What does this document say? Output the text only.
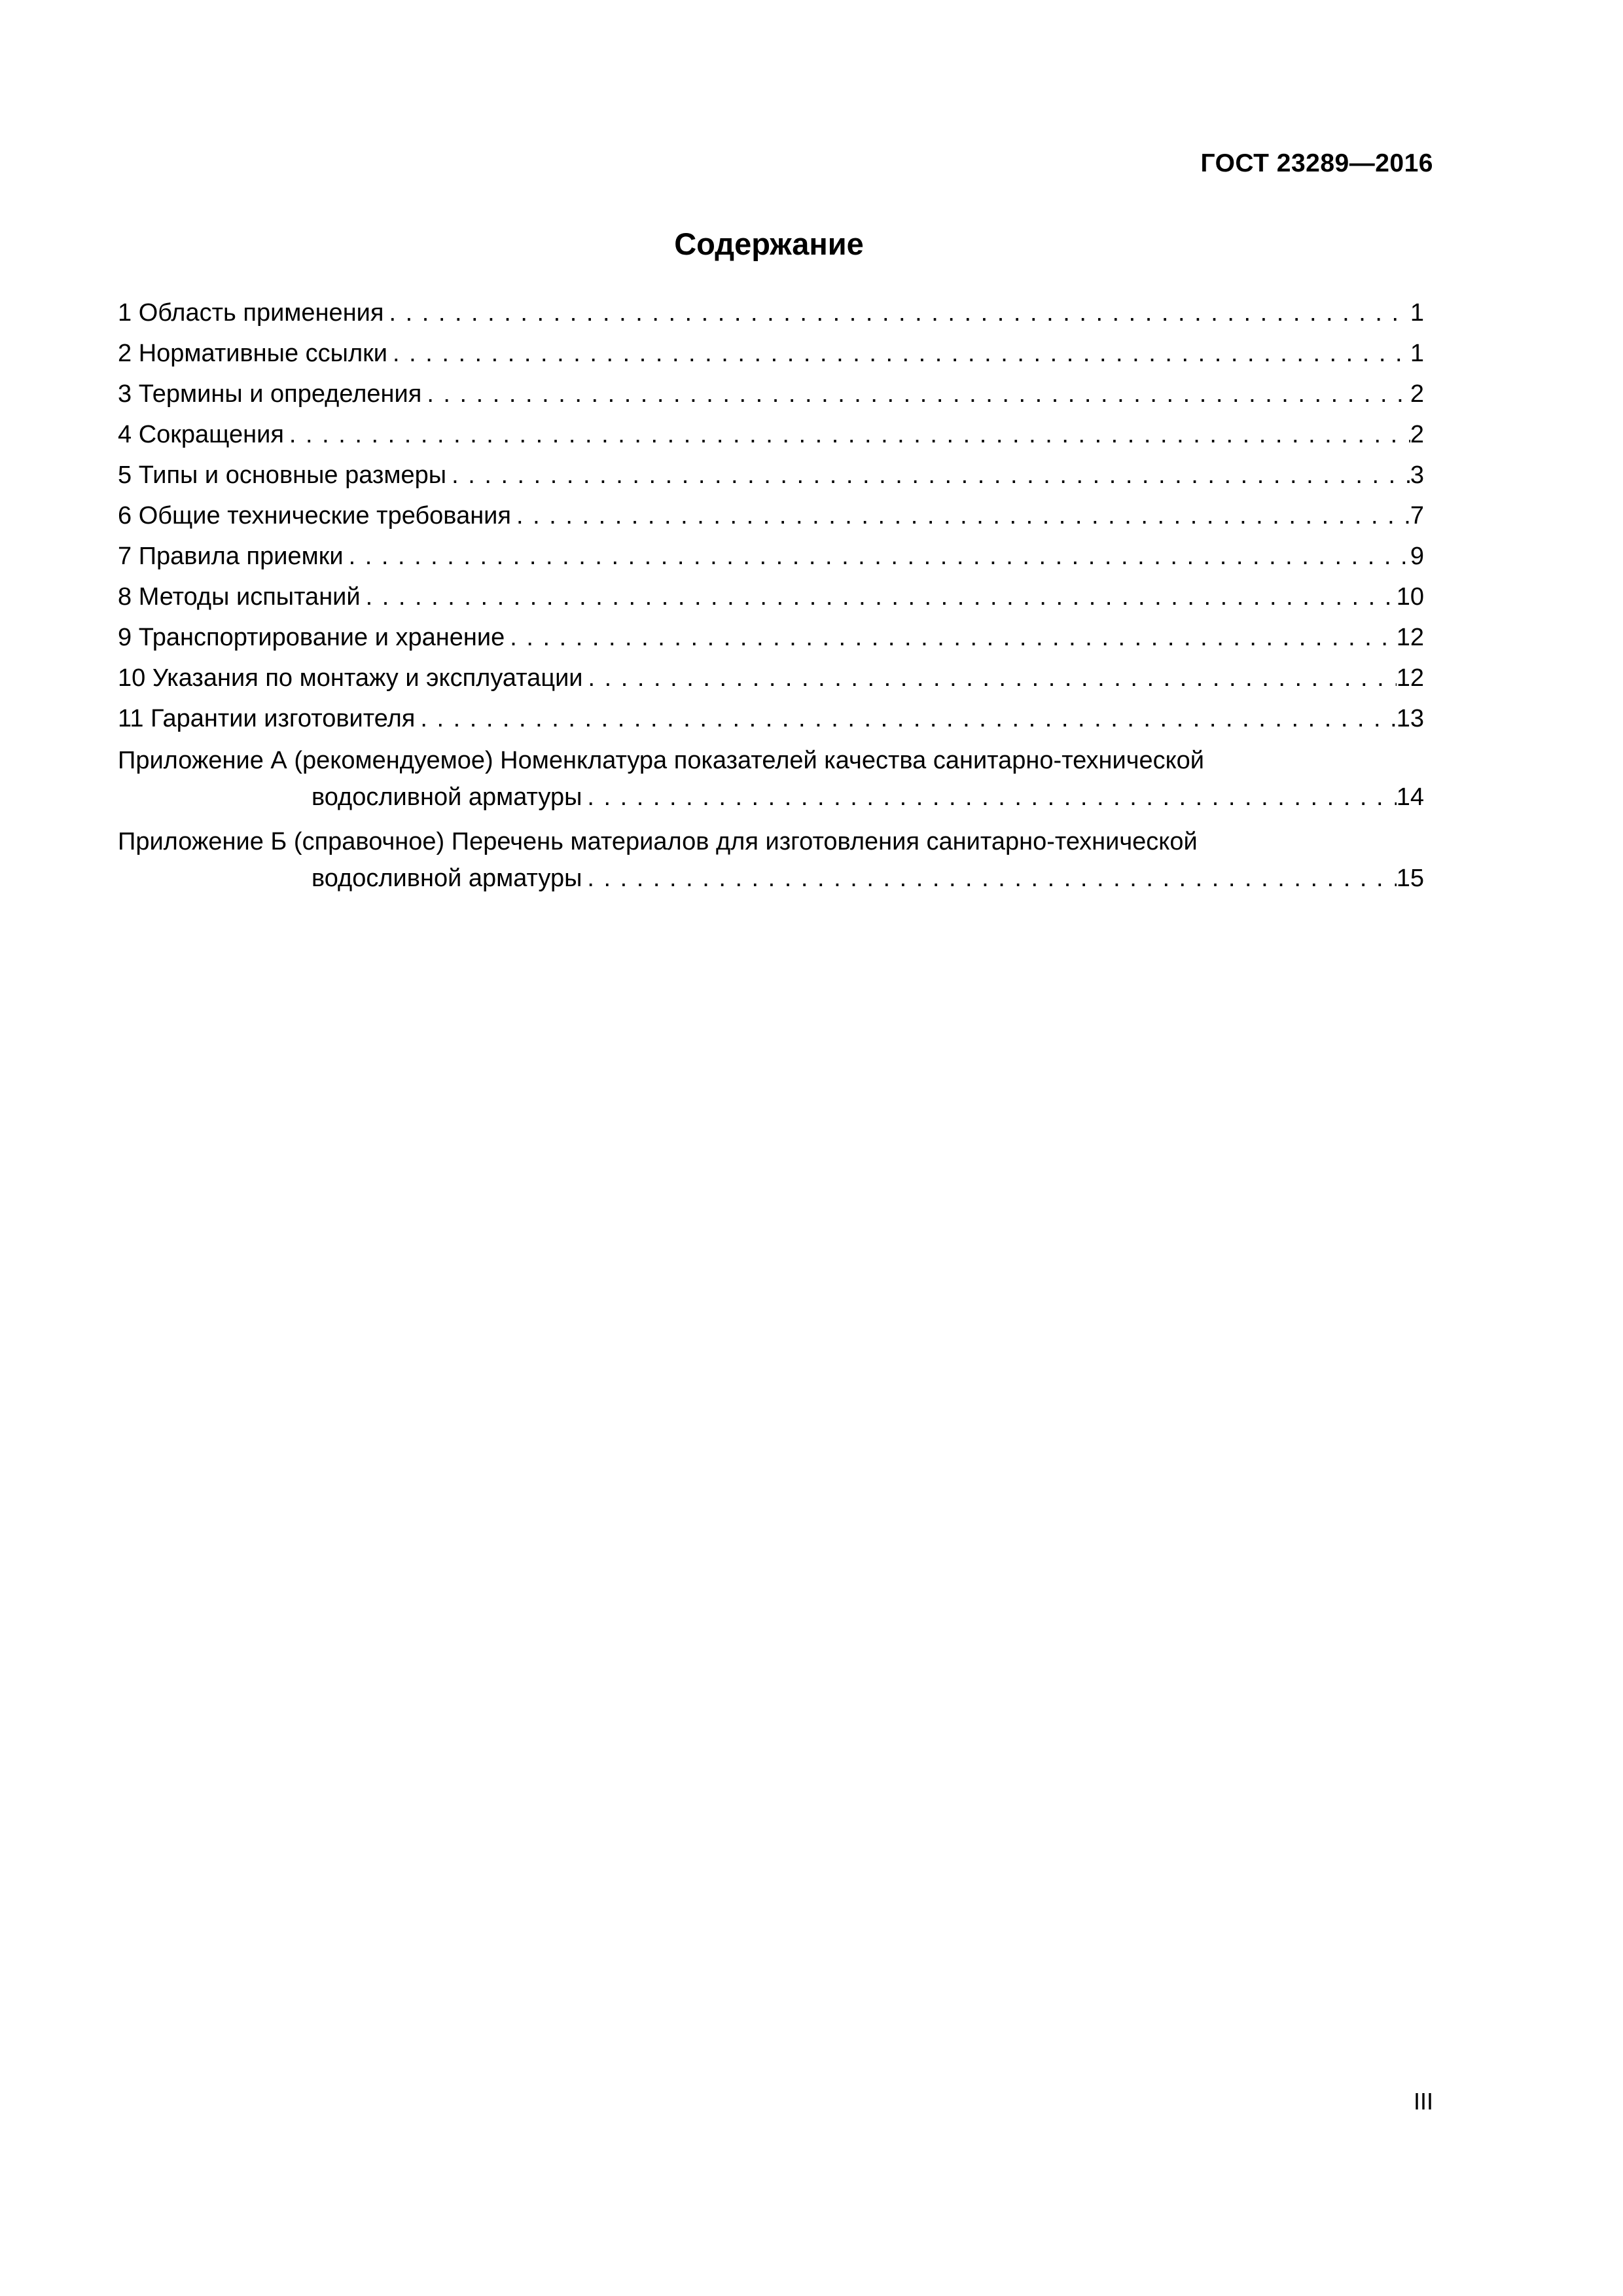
ГОСТ 23289—2016
Содержание
1 Область применения . . .	1
2 Нормативные ссылки . . .	1
3 Термины и определения . . .	2
4 Сокращения . . .	2
5 Типы и основные размеры . . .	3
6 Общие технические требования . . .	7
7 Правила приемки . . .	9
8 Методы испытаний . . .	10
9 Транспортирование и хранение . . .	12
10 Указания по монтажу и эксплуатации . . .	12
11 Гарантии изготовителя . . .	13
Приложение А (рекомендуемое) Номенклатура показателей качества санитарно-технической
водосливной арматуры . . .	14
Приложение Б (справочное) Перечень материалов для изготовления санитарно-технической
водосливной арматуры . . .	15
III
